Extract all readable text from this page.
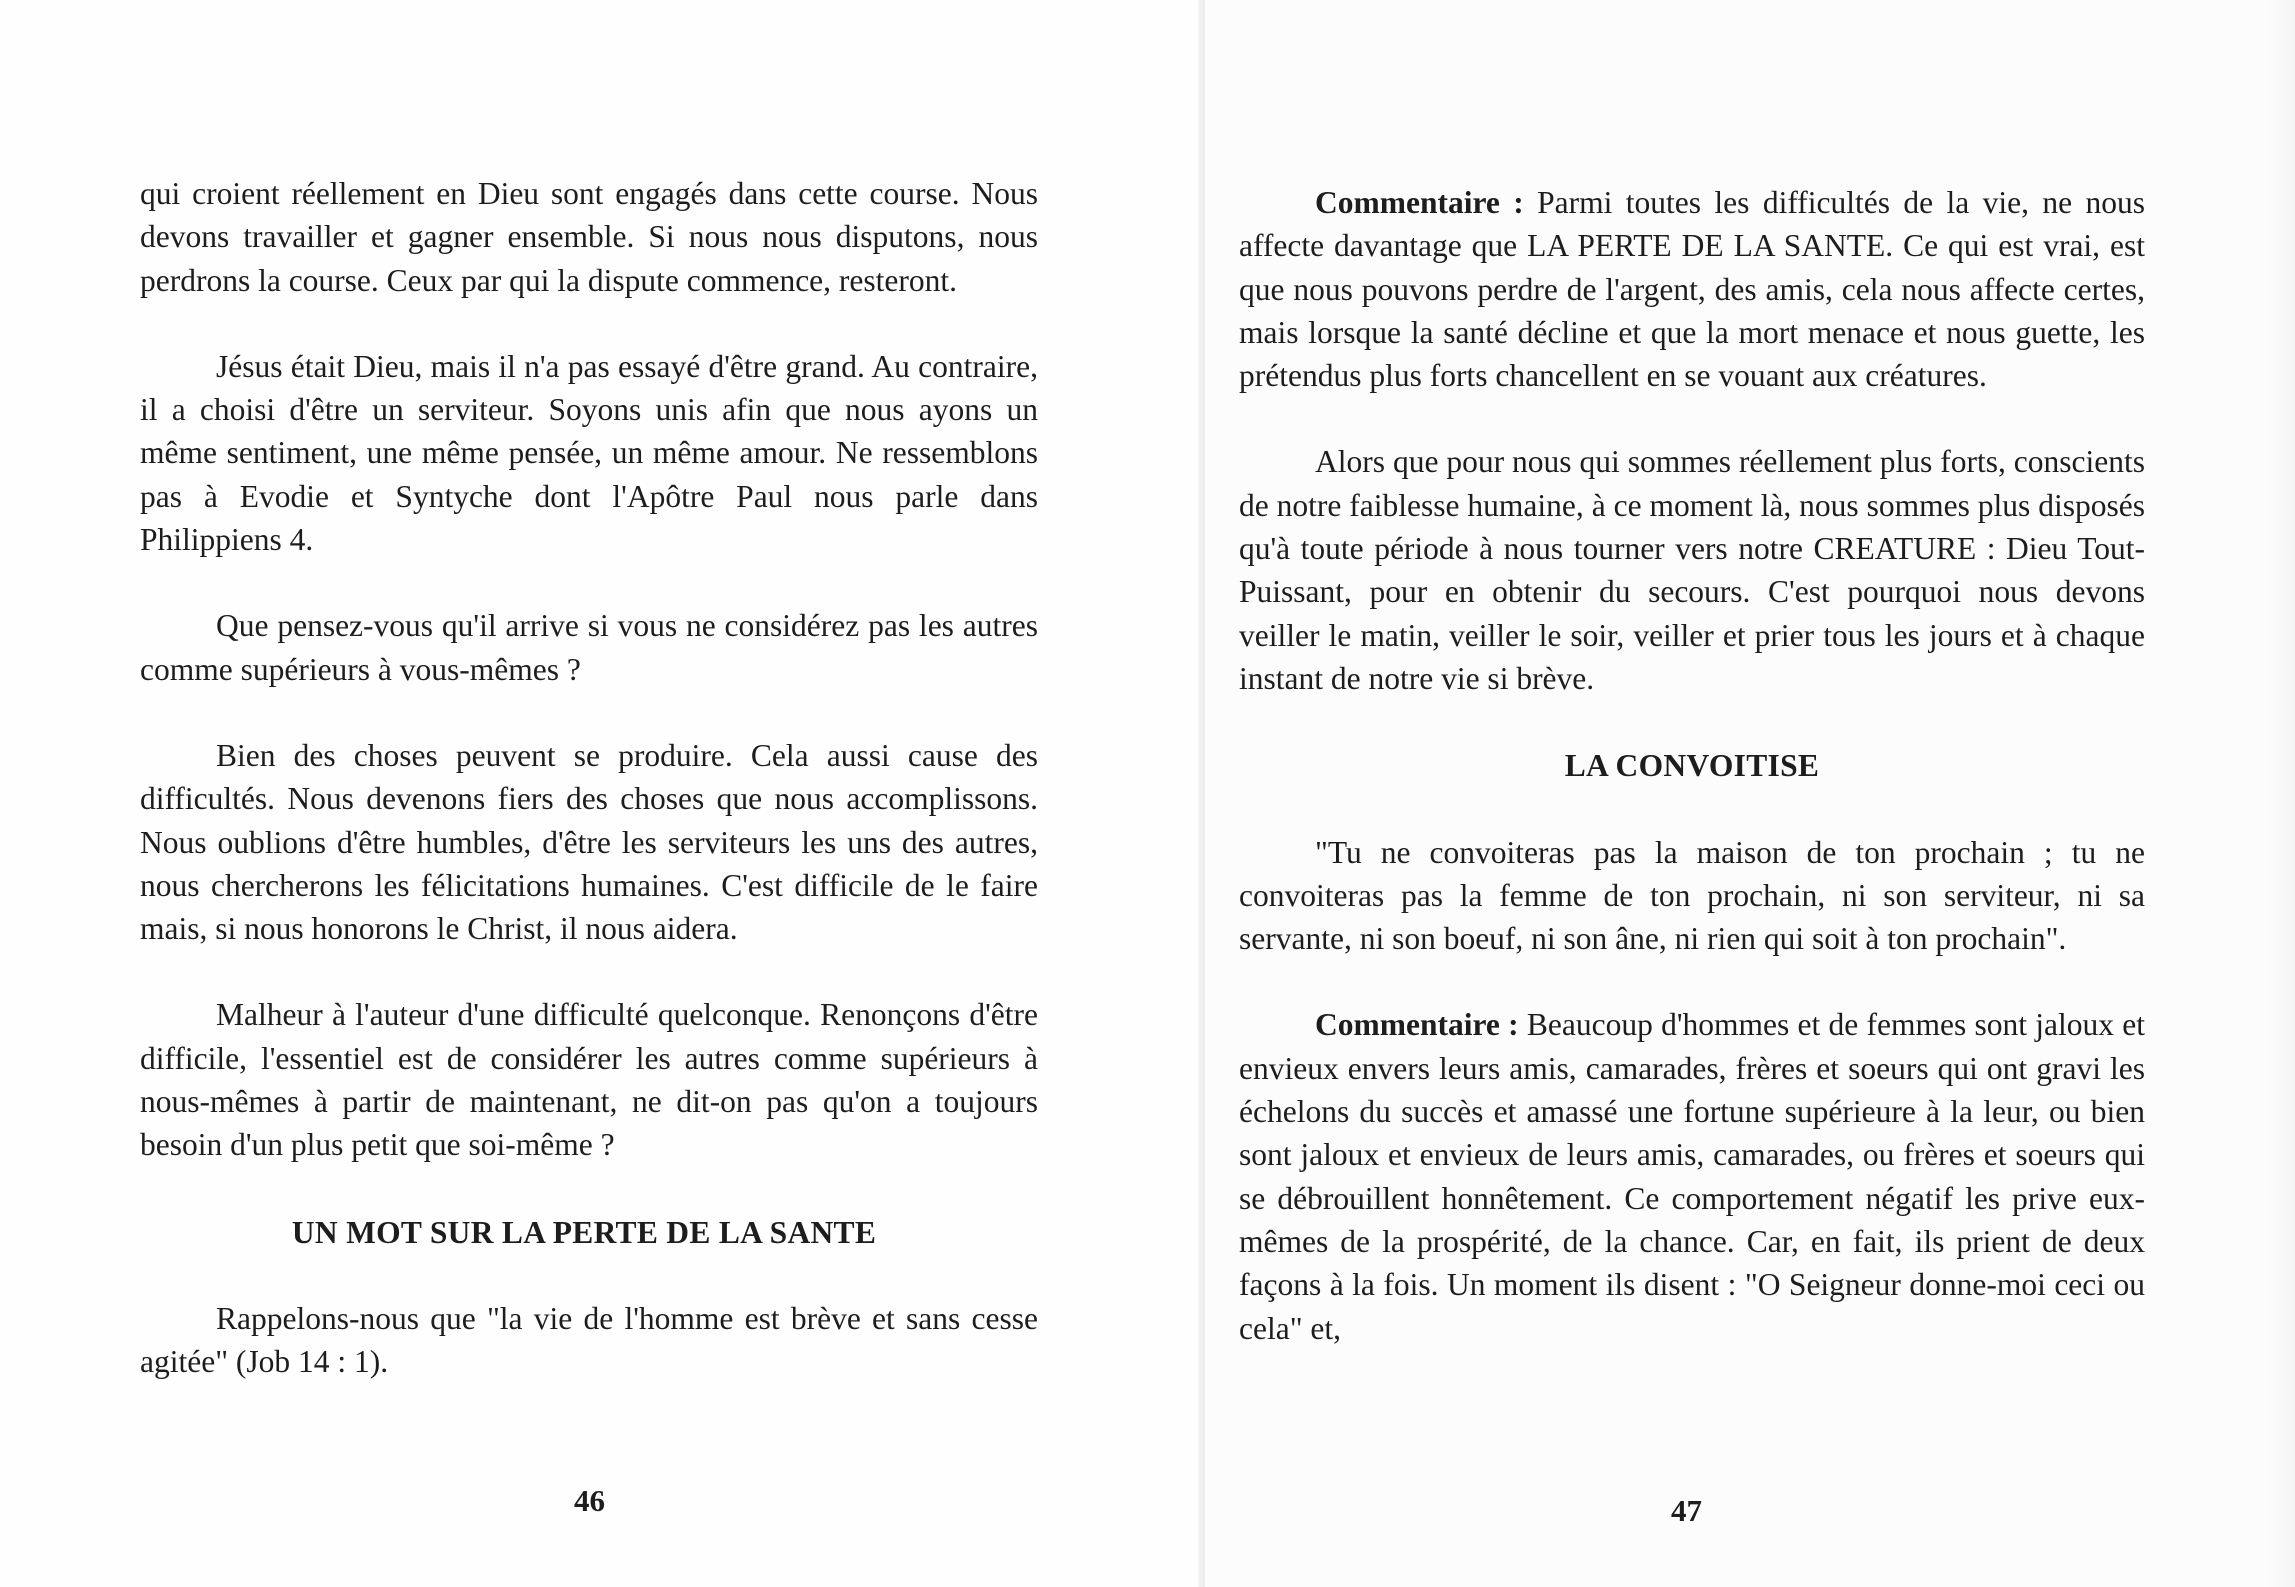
qui croient réellement en Dieu sont engagés dans cette course. Nous devons travailler et gagner ensemble. Si nous nous disputons, nous perdrons la course. Ceux par qui la dispute commence, resteront.

Jésus était Dieu, mais il n'a pas essayé d'être grand. Au contraire, il a choisi d'être un serviteur. Soyons unis afin que nous ayons un même sentiment, une même pensée, un même amour. Ne ressemblons pas à Evodie et Syntyche dont l'Apôtre Paul nous parle dans Philippiens 4.

Que pensez-vous qu'il arrive si vous ne considérez pas les autres comme supérieurs à vous-mêmes ?

Bien des choses peuvent se produire. Cela aussi cause des difficultés. Nous devenons fiers des choses que nous accomplissons. Nous oublions d'être humbles, d'être les serviteurs les uns des autres, nous chercherons les félicitations humaines. C'est difficile de le faire mais, si nous honorons le Christ, il nous aidera.

Malheur à l'auteur d'une difficulté quelconque. Renonçons d'être difficile, l'essentiel est de considérer les autres comme supérieurs à nous-mêmes à partir de maintenant, ne dit-on pas qu'on a toujours besoin d'un plus petit que soi-même ?

UN MOT SUR LA PERTE DE LA SANTE

Rappelons-nous que "la vie de l'homme est brève et sans cesse agitée" (Job 14 : 1).

46

Commentaire : Parmi toutes les difficultés de la vie, ne nous affecte davantage que LA PERTE DE LA SANTE. Ce qui est vrai, est que nous pouvons perdre de l'argent, des amis, cela nous affecte certes, mais lorsque la santé décline et que la mort menace et nous guette, les prétendus plus forts chancellent en se vouant aux créatures.

Alors que pour nous qui sommes réellement plus forts, conscients de notre faiblesse humaine, à ce moment là, nous sommes plus disposés qu'à toute période à nous tourner vers notre CREATURE : Dieu Tout-Puissant, pour en obtenir du secours. C'est pourquoi nous devons veiller le matin, veiller le soir, veiller et prier tous les jours et à chaque instant de notre vie si brève.

LA CONVOITISE

"Tu ne convoiteras pas la maison de ton prochain ; tu ne convoiteras pas la femme de ton prochain, ni son serviteur, ni sa servante, ni son boeuf, ni son âne, ni rien qui soit à ton prochain".

Commentaire : Beaucoup d'hommes et de femmes sont jaloux et envieux envers leurs amis, camarades, frères et soeurs qui ont gravi les échelons du succès et amassé une fortune supérieure à la leur, ou bien sont jaloux et envieux de leurs amis, camarades, ou frères et soeurs qui se débrouillent honnêtement. Ce comportement négatif les prive eux-mêmes de la prospérité, de la chance. Car, en fait, ils prient de deux façons à la fois. Un moment ils disent : "O Seigneur donne-moi ceci ou cela" et,

47
